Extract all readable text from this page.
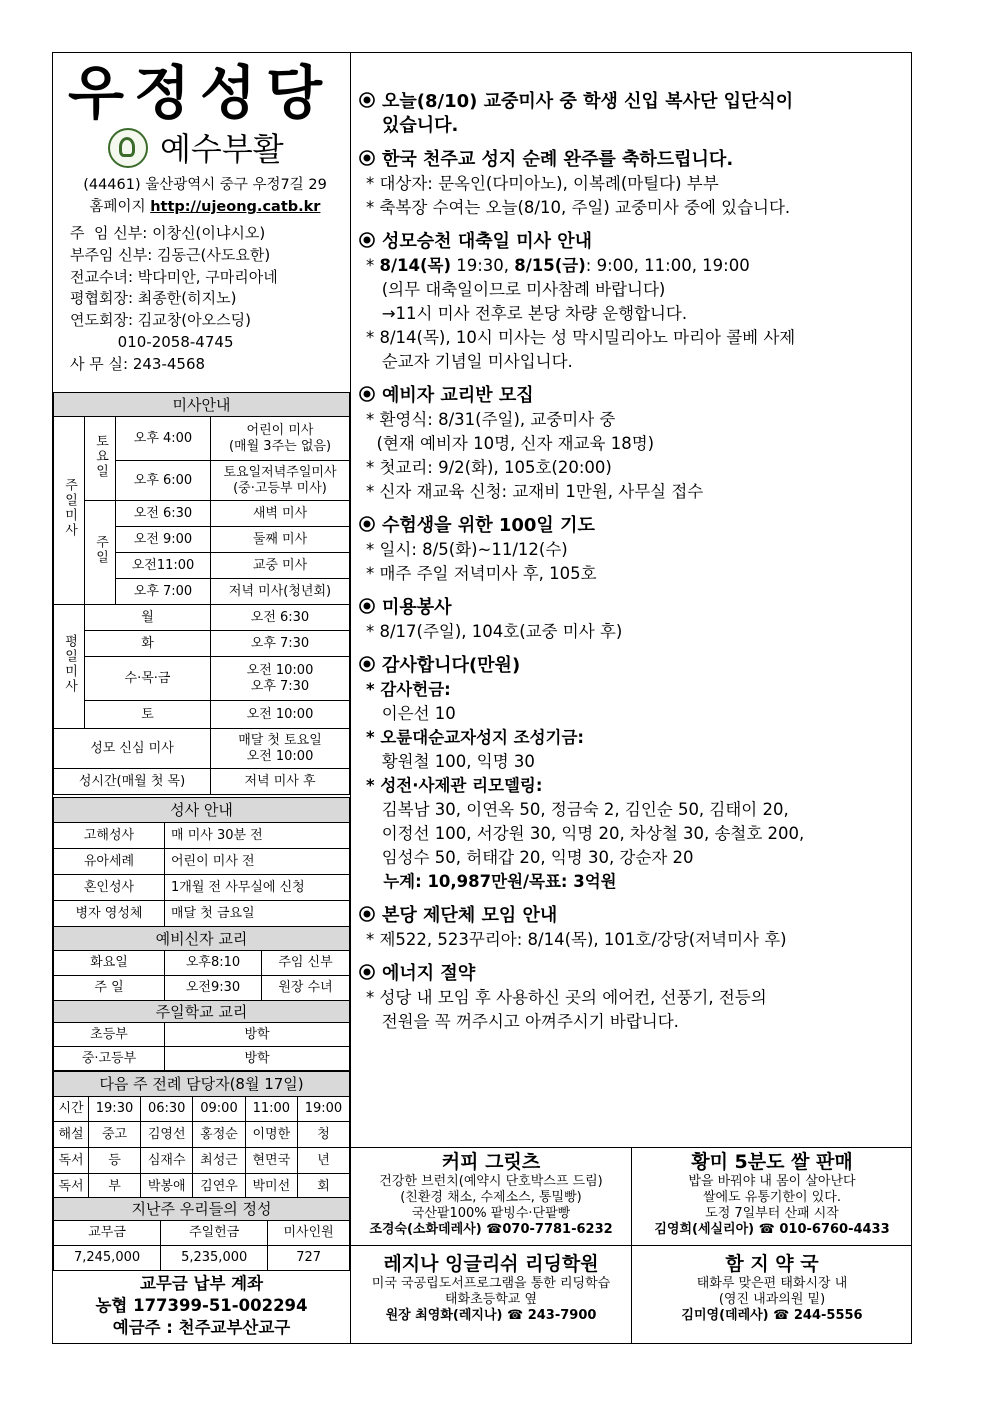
우정성당
예수부활
(44461) 울산광역시 중구 우정7길 29
홈페이지 http://ujeong.catb.kr
주  임 신부: 이창신(이냐시오)
부주임 신부: 김동근(사도요한)
전교수녀: 박다미안, 구마리아네
평협회장: 최종한(히지노)
연도회장: 김교창(아오스딩)
010-2058-4745
사 무 실: 243-4568
미사안내			
주일미사	토요일	오후 4:00	어린이 미사
(매월 3주는 없음)
		오후 6:00	토요일저녁주일미사
(중·고등부 미사)
	주일	오전 6:30	새벽 미사
		오전 9:00	둘째 미사
		오전11:00	교중 미사
		오후 7:00	저녁 미사(청년회)
평일미사	월		오전 6:30
	화		오후 7:30
	수·목·금		오전 10:00
오후 7:30
	토		오전 10:00
성모 신심 미사			매달 첫 토요일
오전 10:00
성시간(매월 첫 목)			저녁 미사 후
성사 안내	
고해성사	매 미사 30분 전
유아세례	어린이 미사 전
혼인성사	1개월 전 사무실에 신청
병자 영성체	매달 첫 금요일
예비신자 교리		
화요일	오후8:10	주임 신부
주 일	오전9:30	원장 수녀
주일학교 교리	
초등부	방학
중·고등부	방학
다음 주 전례 담당자(8월 17일)					
시간	19:30	06:30	09:00	11:00	19:00
해설	중고	김영선	홍정순	이명한	청
독서	등	심재수	최성근	현면국	년
독서	부	박봉애	김연우	박미선	회
지난주 우리들의 정성		
교무금	주일헌금	미사인원
7,245,000	5,235,000	727
교무금 납부 계좌
농협 177399-51-002294
예금주 : 천주교부산교구
오늘(8/10) 교중미사 중 학생 신입 복사단 입단식이
있습니다.
한국 천주교 성지 순례 완주를 축하드립니다.
* 대상자: 문옥인(다미아노), 이복례(마틸다) 부부
* 축복장 수여는 오늘(8/10, 주일) 교중미사 중에 있습니다.
성모승천 대축일 미사 안내
* 8/14(목) 19:30, 8/15(금): 9:00, 11:00, 19:00
(의무 대축일이므로 미사참례 바랍니다)
→11시 미사 전후로 본당 차량 운행합니다.
* 8/14(목), 10시 미사는 성 막시밀리아노 마리아 콜베 사제
순교자 기념일 미사입니다.
예비자 교리반 모집
* 환영식: 8/31(주일), 교중미사 중
(현재 예비자 10명, 신자 재교육 18명)
* 첫교리: 9/2(화), 105호(20:00)
* 신자 재교육 신청: 교재비 1만원, 사무실 접수
수험생을 위한 100일 기도
* 일시: 8/5(화)~11/12(수)
* 매주 주일 저녁미사 후, 105호
미용봉사
* 8/17(주일), 104호(교중 미사 후)
감사합니다(만원)
* 감사헌금:
이은선 10
* 오륜대순교자성지 조성기금:
황원철 100, 익명 30
* 성전·사제관 리모델링:
김복남 30, 이연옥 50, 정금숙 2, 김인순 50, 김태이 20,
이정선 100, 서강원 30, 익명 20, 차상철 30, 송철호 200,
임성수 50, 허태갑 20, 익명 30, 강순자 20
누계: 10,987만원/목표: 3억원
본당 제단체 모임 안내
* 제522, 523꾸리아: 8/14(목), 101호/강당(저녁미사 후)
에너지 절약
* 성당 내 모임 후 사용하신 곳의 에어컨, 선풍기, 전등의
전원을 꼭 꺼주시고 아껴주시기 바랍니다.
커피 그릿츠
건강한 브런치(예약시 단호박스프 드림)
(친환경 채소, 수제소스, 통밀빵)
국산팥100% 팥빙수·단팥빵
조경숙(소화데레사) ☎070-7781-6232
황미 5분도 쌀 판매
밥을 바꿔야 내 몸이 살아난다
쌀에도 유통기한이 있다.
도정 7일부터 산패 시작
김영희(세실리아) ☎ 010-6760-4433
레지나 잉글리쉬 리딩학원
미국 국공립도서프로그램을 통한 리딩학습
태화초등학교 옆
원장 최영화(레지나) ☎ 243-7900
함 지 약 국
태화루 맞은편 태화시장 내
(영진 내과의원 밑)
김미영(데레사) ☎ 244-5556
